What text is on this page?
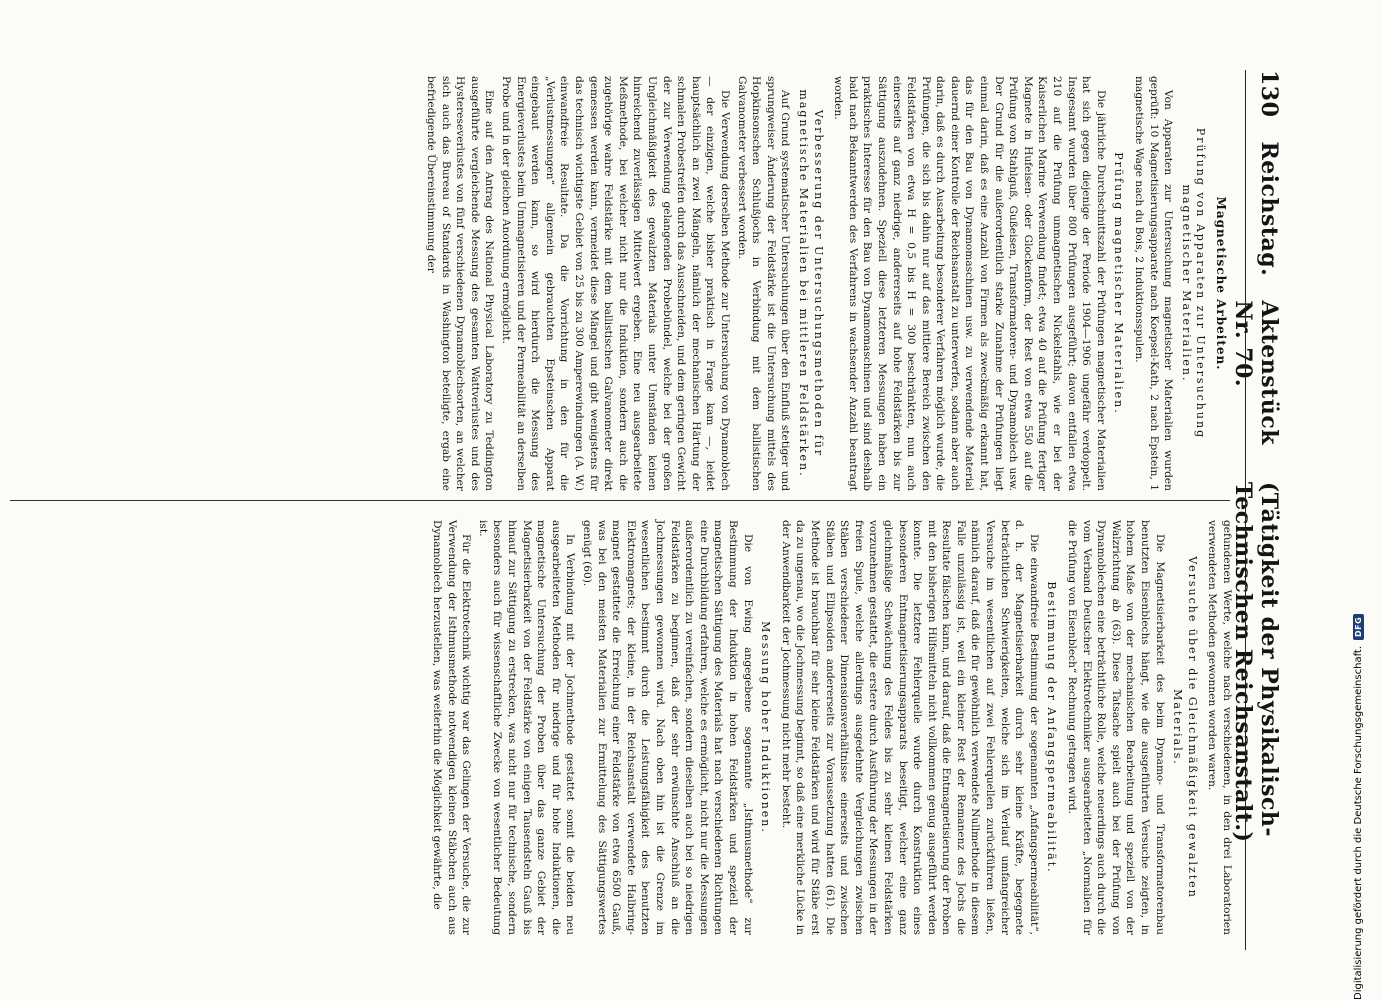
130
Reichstag.
Aktenstück Nr. 70.
(Tätigkeit der Physikalisch-Technischen Reichsanstalt.)
Magnetische Arbeiten.
Prüfung von Apparaten zur Untersuchung magnetischer Materialien.

Von Apparaten zur Untersuchung magnetischer Materialien wurden geprüft: 10 Magnetisierungsapparate nach Koepsel-Kath, 2 nach Epstein, 1 magnetische Wage nach du Bois, 2 Induktionsspulen.

Prüfung magnetischer Materialien.

Die jährliche Durchschnittszahl der Prüfungen magnetischer Materialien hat sich gegen diejenige der Periode 1904—1906 ungefähr verdoppelt. Insgesamt wurden über 800 Prüfungen ausgeführt; davon entfallen etwa 210 auf die Prüfung unmagnetischen Nickelstahls, wie er bei der Kaiserlichen Marine Verwendung findet; etwa 40 auf die Prüfung fertiger Magnete in Hufeisen- oder Glockenform, der Rest von etwa 550 auf die Prüfung von Stahlguß, Gußeisen, Transformatoren- und Dynamoblech usw. Der Grund für die außerordentlich starke Zunahme der Prüfungen liegt einmal darin, daß es eine Anzahl von Firmen als zweckmäßig erkannt hat, das für den Bau von Dynamomaschinen usw. zu verwendende Material dauernd einer Kontrolle der Reichsanstalt zu unterwerfen, sodann aber auch darin, daß es durch Ausarbeitung besonderer Verfahren möglich wurde, die Prüfungen, die sich bis dahin nur auf das mittlere Bereich zwischen den Feldstärken von etwa H = 0,5 bis H = 300 beschränkten, nun auch einerseits auf ganz niedrige, andererseits auf hohe Feldstärken bis zur Sättigung auszudehnen. Speziell diese letzteren Messungen haben ein praktisches Interesse für den Bau von Dynamomaschinen und sind deshalb bald nach Bekanntwerden des Verfahrens in wachsender Anzahl beantragt worden.

Verbesserung der Untersuchungsmethoden für magnetische Materialien bei mittleren Feldstärken.

Auf Grund systematischer Untersuchungen über den Einfluß stetiger und sprungweiser Änderung der Feldstärke ist die Untersuchung mittels des Hopkinsonschen Schlußjochs in Verbindung mit dem ballistischen Galvanometer verbessert worden.

Die Verwendung derselben Methode zur Untersuchung von Dynamoblech — der einzigen, welche bisher praktisch in Frage kam —, leidet hauptsächlich an zwei Mängeln, nämlich der mechanischen Härtung der schmalen Probestreifen durch das Ausschneiden, und dem geringen Gewicht der zur Verwendung gelangenden Probebündel, welche bei der großen Ungleichmäßigkeit des gewalzten Materials unter Umständen keinen hinreichend zuverlässigen Mittelwert ergeben. Eine neu ausgearbeitete Meßmethode, bei welcher nicht nur die Induktion, sondern auch die zugehörige wahre Feldstärke mit dem ballistischen Galvanometer direkt gemessen werden kann, vermeidet diese Mängel und gibt wenigstens für das technisch wichtigste Gebiet von 25 bis zu 300 Amperewindungen (A. W.) einwandfreie Resultate. Da die Vorrichtung in den für die „Verlustmessungen“ allgemein gebrauchten Epsteinschen Apparat eingebaut werden kann, so wird hierdurch die Messung des Energieverlustes beim Ummagnetisieren und der Permeabilität an derselben Probe und in der gleichen Anordnung ermöglicht.

Eine auf den Antrag des National Physical Laboratory zu Teddington ausgeführte vergleichende Messung des gesamten Wattverlustes und des Hystereseverlustes von fünf verschiedenen Dynamoblechsorten, an welcher sich auch das Bureau of Standards in Washington beteiligte, ergab eine befriedigende Übereinstimmung der

gefundenen Werte, welche nach verschiedenen, in den drei Laboratorien verwendeten Methoden gewonnen worden waren.

Versuche über die Gleichmäßigkeit gewalzten Materials.

Die Magnetisierbarkeit des beim Dynamo- und Transformatorenbau benutzten Eisenblechs hängt, wie die ausgeführten Versuche zeigten, in hohem Maße von der mechanischen Bearbeitung und speziell von der Walzrichtung ab (63). Diese Tatsache spielt auch bei der Prüfung von Dynamoblechen eine beträchtliche Rolle, welche neuerdings auch durch die vom Verband Deutscher Elektrotechniker ausgearbeiteten „Normalien für die Prüfung von Eisenblech“ Rechnung getragen wird.

Bestimmung der Anfangspermeabilität.

Die einwandfreie Bestimmung der sogenannten „Anfangspermeabilität“, d. h. der Magnetisierbarkeit durch sehr kleine Kräfte, begegnete beträchtlichen Schwierigkeiten, welche sich im Verlauf umfangreicher Versuche im wesentlichen auf zwei Fehlerquellen zurückführen ließen, nämlich darauf, daß die für gewöhnlich verwendete Nullmethode in diesem Falle unzulässig ist, weil ein kleiner Rest der Remanenz des Jochs die Resultate fälschen kann, und darauf, daß die Entmagnetisierung der Proben mit den bisherigen Hilfsmitteln nicht vollkommen genug ausgeführt werden konnte. Die letztere Fehlerquelle wurde durch Konstruktion eines besonderen Entmagnetisierungsapparats beseitigt, welcher eine ganz gleichmäßige Schwächung des Feldes bis zu sehr kleinen Feldstärken vorzunehmen gestattet, die erstere durch Ausführung der Messungen in der freien Spule, welche allerdings ausgedehnte Vergleichungen zwischen Stäben verschiedener Dimensionsverhältnisse einerseits und zwischen Stäben und Ellipsoiden andererseits zur Voraussetzung hatten (61). Die Methode ist brauchbar für sehr kleine Feldstärken und wird für Stäbe erst da zu ungenau, wo die Jochmessung beginnt, so daß eine merkliche Lücke in der Anwendbarkeit der Jochmessung nicht mehr besteht.

Messung hoher Induktionen.

Die von Ewing angegebene sogenannte „Isthmusmethode“ zur Bestimmung der Induktion in hohen Feldstärken und speziell der magnetischen Sättigung des Materials hat nach verschiedenen Richtungen eine Durchbildung erfahren, welche es ermöglicht, nicht nur die Messungen außerordentlich zu vereinfachen, sondern dieselben auch bei so niedrigen Feldstärken zu beginnen, daß der sehr erwünschte Anschluß an die Jochmessungen gewonnen wird. Nach oben hin ist die Grenze im wesentlichen bestimmt durch die Leistungsfähigkeit des benutzten Elektromagnets; der kleine, in der Reichsanstalt verwendete Halbring-magnet gestattete die Erreichung einer Feldstärke von etwa 6500 Gauß, was bei den meisten Materialien zur Ermittelung des Sättigungswertes genügt (60).

In Verbindung mit der Jochmethode gestattet somit die beiden neu ausgearbeiteten Methoden für niedrige und für hohe Induktionen, die magnetische Untersuchung der Proben über das ganze Gebiet der Magnetisierbarkeit von der Feldstärke von einigen Tausendsteln Gauß bis hinauf zur Sättigung zu erstrecken, was nicht nur für technische, sondern besonders auch für wissenschaftliche Zwecke von wesentlicher Bedeutung ist.

Für die Elektrotechnik wichtig war das Gelingen der Versuche, die zur Verwendung der Isthmusmethode notwendigen kleinen Stäbchen auch aus Dynamoblech herzustellen, was weiterhin die Möglichkeit gewährte, die	Digitalisierung gefördert durch die Deutsche Forschungsgemeinschaft.
DFG
